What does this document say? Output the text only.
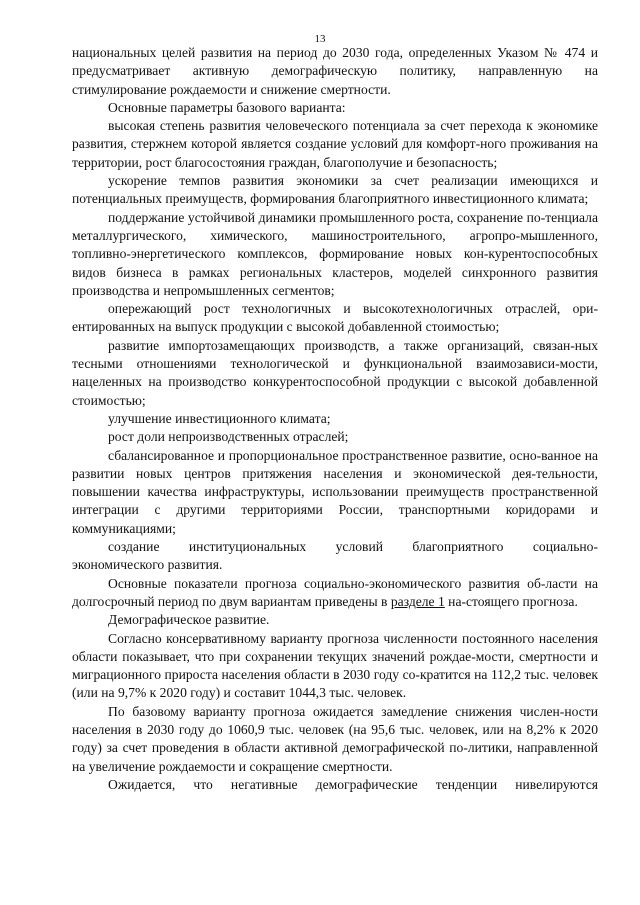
13

национальных целей развития на период до 2030 года, определенных Указом № 474 и предусматривает активную демографическую политику, направленную на стимулирование рождаемости и снижение смертности.

Основные параметры базового варианта:

высокая степень развития человеческого потенциала за счет перехода к экономике развития, стержнем которой является создание условий для комфорт-ного проживания на территории, рост благосостояния граждан, благополучие и безопасность;

ускорение темпов развития экономики за счет реализации имеющихся и потенциальных преимуществ, формирования благоприятного инвестиционного климата;

поддержание устойчивой динамики промышленного роста, сохранение по-тенциала металлургического, химического, машиностроительного, агропро-мышленного, топливно-энергетического комплексов, формирование новых кон-курентоспособных видов бизнеса в рамках региональных кластеров, моделей синхронного развития производства и непромышленных сегментов;

опережающий рост технологичных и высокотехнологичных отраслей, ори-ентированных на выпуск продукции с высокой добавленной стоимостью;

развитие импортозамещающих производств, а также организаций, связан-ных тесными отношениями технологической и функциональной взаимозависи-мости, нацеленных на производство конкурентоспособной продукции с высокой добавленной стоимостью;

улучшение инвестиционного климата;

рост доли непроизводственных отраслей;

сбалансированное и пропорциональное пространственное развитие, осно-ванное на развитии новых центров притяжения населения и экономической дея-тельности, повышении качества инфраструктуры, использовании преимуществ пространственной интеграции с другими территориями России, транспортными коридорами и коммуникациями;

создание институциональных условий благоприятного социально-

экономического развития.

Основные показатели прогноза социально-экономического развития об-ласти на долгосрочный период по двум вариантам приведены в разделе 1 на-стоящего прогноза.

Демографическое развитие.

Согласно консервативному варианту прогноза численности постоянного населения области показывает, что при сохранении текущих значений рождае-мости, смертности и миграционного прироста населения области в 2030 году со-кратится на 112,2 тыс. человек (или на 9,7% к 2020 году) и составит 1044,3 тыс. человек.

По базовому варианту прогноза ожидается замедление снижения числен-ности населения в 2030 году до 1060,9 тыс. человек (на 95,6 тыс. человек, или на 8,2% к 2020 году) за счет проведения в области активной демографической по-литики, направленной на увеличение рождаемости и сокращение смертности.

Ожидается, что негативные демографические тенденции нивелируются
